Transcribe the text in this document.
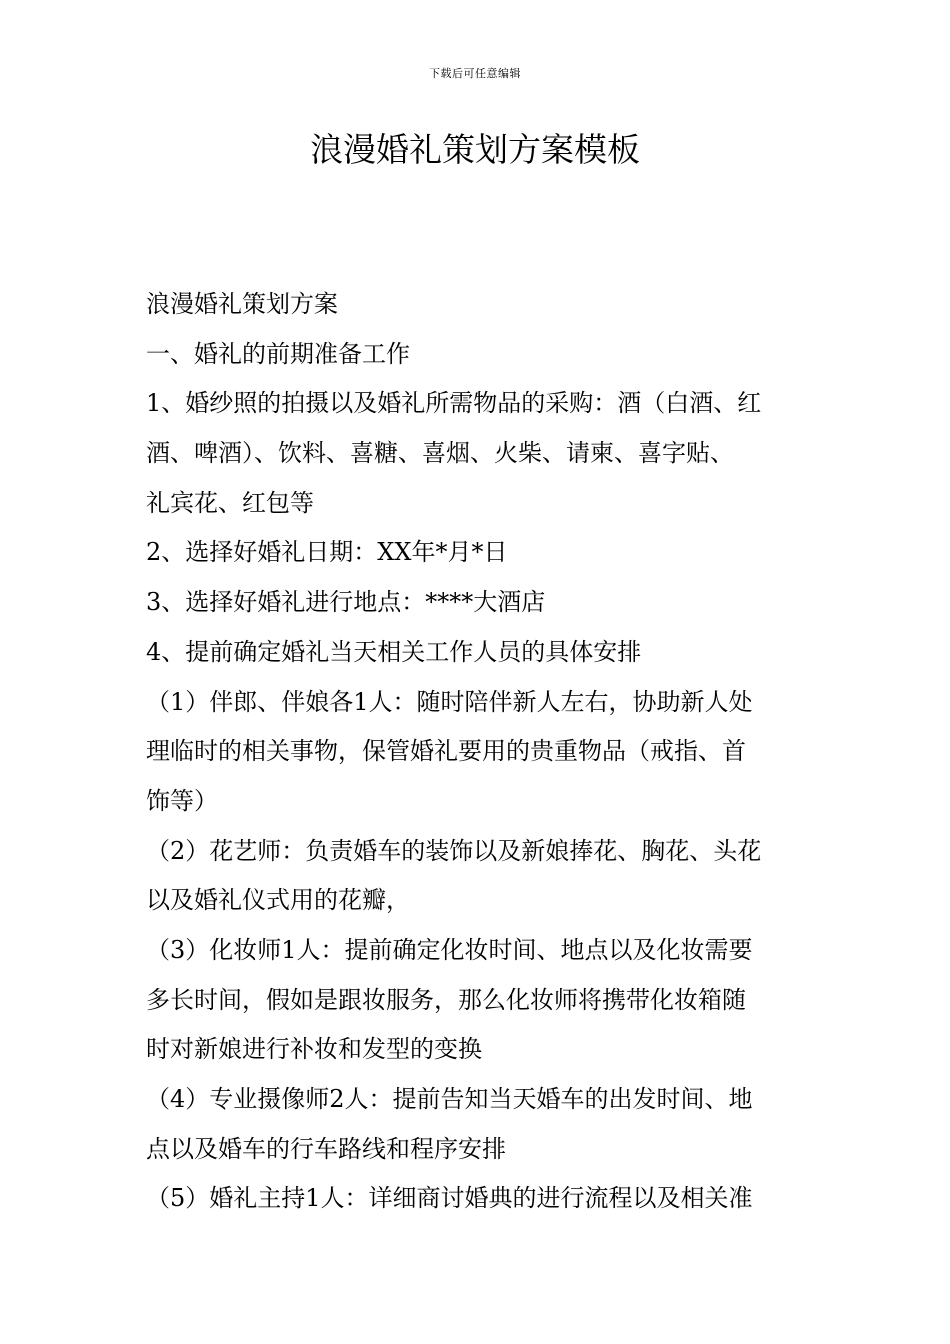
下载后可任意编辑
浪漫婚礼策划方案模板
浪漫婚礼策划方案
一、婚礼的前期准备工作
1、婚纱照的拍摄以及婚礼所需物品的采购：酒（白酒、红
酒、啤酒）、饮料、喜糖、喜烟、火柴、请柬、喜字贴、
礼宾花、红包等
2、选择好婚礼日期：XX年*月*日
3、选择好婚礼进行地点：****大酒店
4、提前确定婚礼当天相关工作人员的具体安排
（1）伴郎、伴娘各1人：随时陪伴新人左右，协助新人处
理临时的相关事物，保管婚礼要用的贵重物品（戒指、首
饰等）
（2）花艺师：负责婚车的装饰以及新娘捧花、胸花、头花
以及婚礼仪式用的花瓣，
（3）化妆师1人：提前确定化妆时间、地点以及化妆需要
多长时间，假如是跟妆服务，那么化妆师将携带化妆箱随
时对新娘进行补妆和发型的变换
（4）专业摄像师2人：提前告知当天婚车的出发时间、地
点以及婚车的行车路线和程序安排
（5）婚礼主持1人：详细商讨婚典的进行流程以及相关准
